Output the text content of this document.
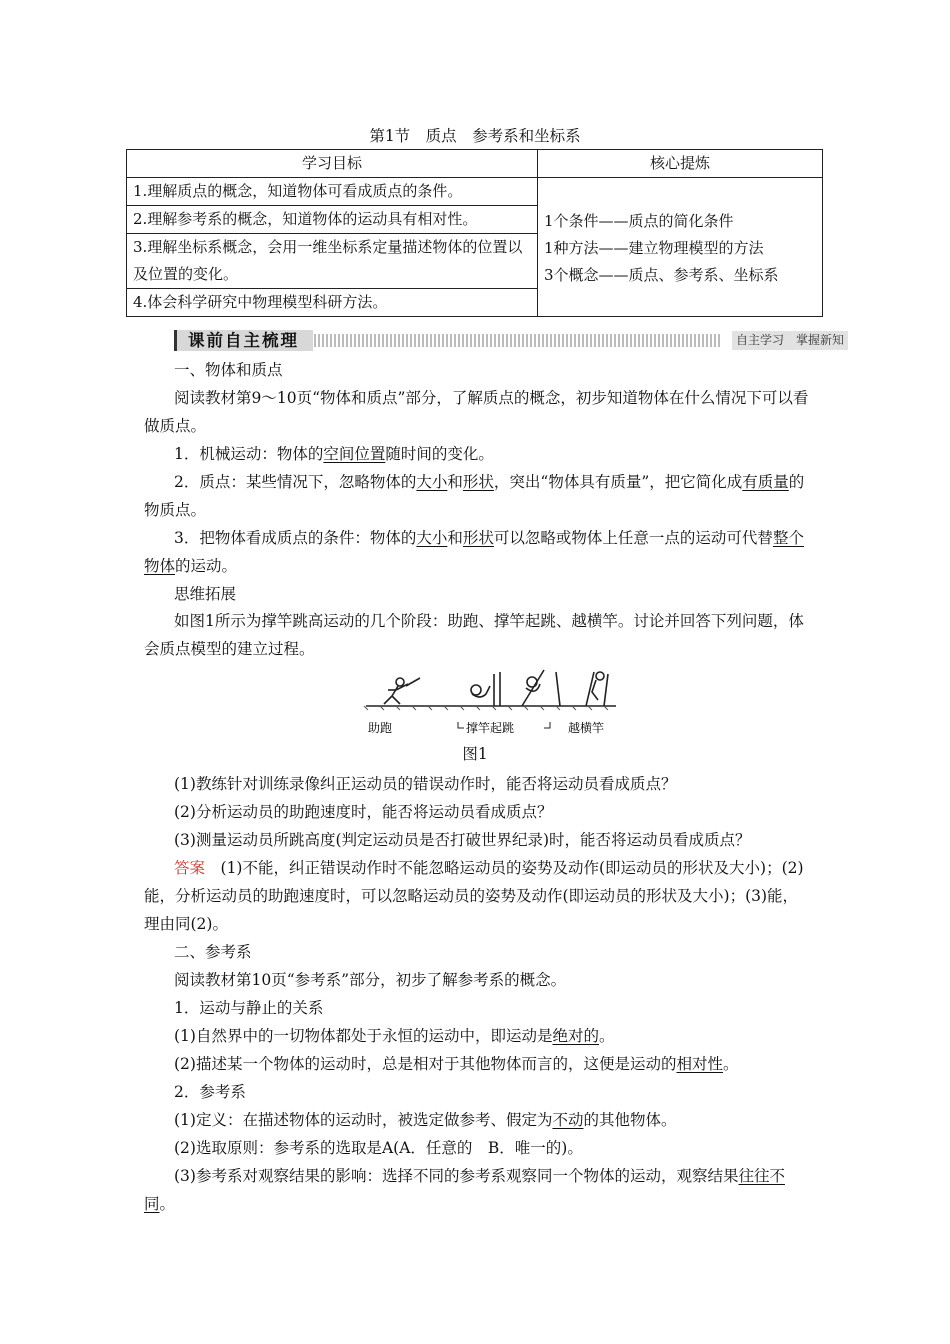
第1节　质点　参考系和坐标系
学习目标	核心提炼
1.理解质点的概念，知道物体可看成质点的条件。	1个条件——质点的简化条件
1种方法——建立物理模型的方法
3个概念——质点、参考系、坐标系

2.理解参考系的概念，知道物体的运动具有相对性。	
3.理解坐标系概念，会用一维坐标系定量描述物体的位置以及位置的变化。	
4.体会科学研究中物理模型科研方法。	
课前自主梳理	自主学习　掌握新知
一、物体和质点
阅读教材第9～10页“物体和质点”部分，了解质点的概念，初步知道物体在什么情况下可以看做质点。
1．机械运动：物体的空间位置随时间的变化。
2．质点：某些情况下，忽略物体的大小和形状，突出“物体具有质量”，把它简化成有质量的物质点。
3．把物体看成质点的条件：物体的大小和形状可以忽略或物体上任意一点的运动可代替整个物体的运动。
思维拓展
如图1所示为撑竿跳高运动的几个阶段：助跑、撑竿起跳、越横竿。讨论并回答下列问题，体会质点模型的建立过程。
助跑	撑竿起跳	越横竿
图1
(1)教练针对训练录像纠正运动员的错误动作时，能否将运动员看成质点？
(2)分析运动员的助跑速度时，能否将运动员看成质点？
(3)测量运动员所跳高度(判定运动员是否打破世界纪录)时，能否将运动员看成质点？
答案　(1)不能，纠正错误动作时不能忽略运动员的姿势及动作(即运动员的形状及大小)；(2)能，分析运动员的助跑速度时，可以忽略运动员的姿势及动作(即运动员的形状及大小)；(3)能，理由同(2)。
二、参考系
阅读教材第10页“参考系”部分，初步了解参考系的概念。
1．运动与静止的关系
(1)自然界中的一切物体都处于永恒的运动中，即运动是绝对的。
(2)描述某一个物体的运动时，总是相对于其他物体而言的，这便是运动的相对性。
2．参考系
(1)定义：在描述物体的运动时，被选定做参考、假定为不动的其他物体。
(2)选取原则：参考系的选取是A(A．任意的　B．唯一的)。
(3)参考系对观察结果的影响：选择不同的参考系观察同一个物体的运动，观察结果往往不同。
